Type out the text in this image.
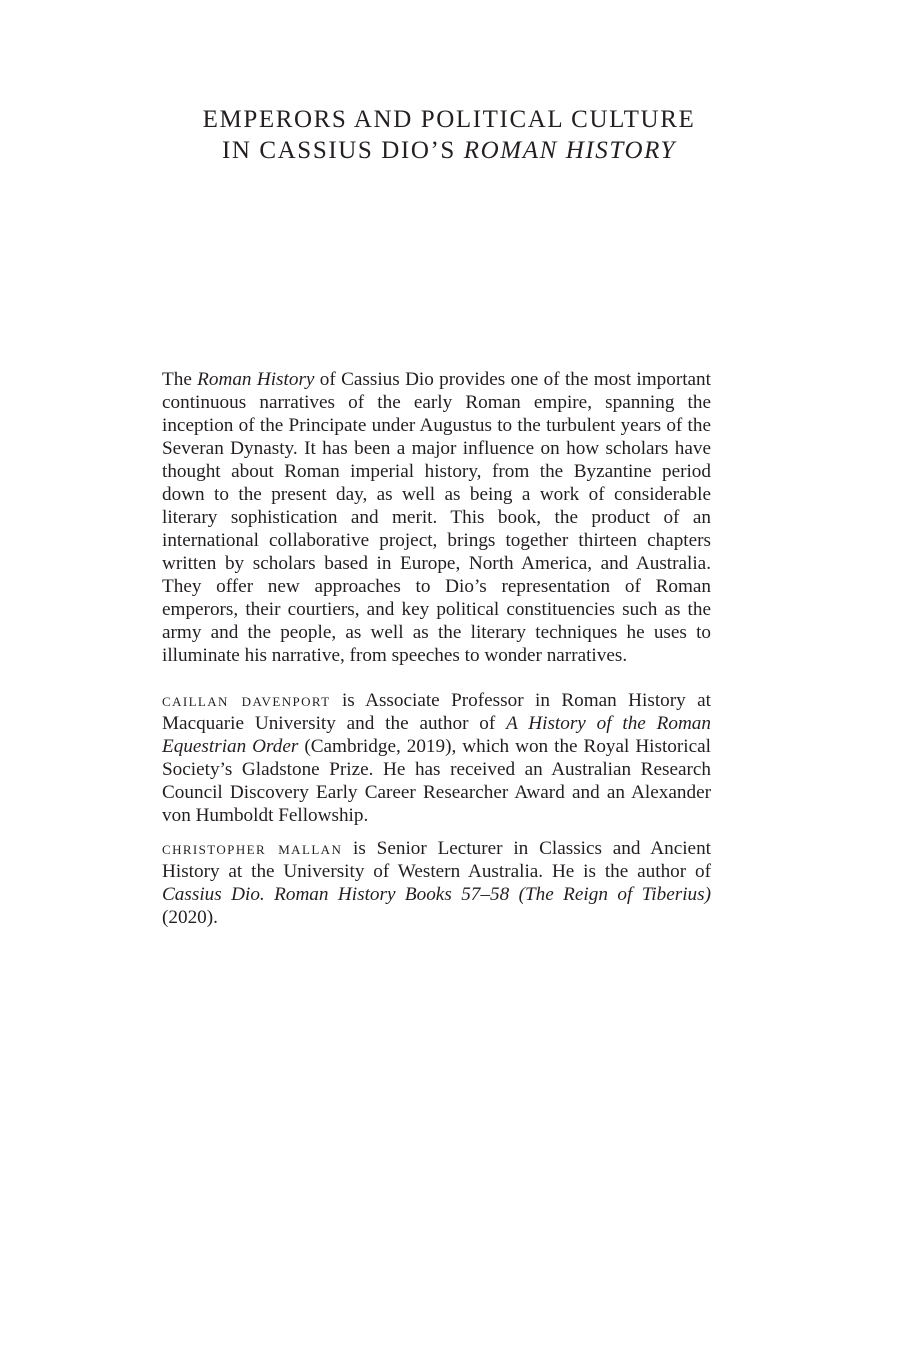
EMPERORS AND POLITICAL CULTURE
IN CASSIUS DIO’S ROMAN HISTORY

The Roman History of Cassius Dio provides one of the most important continuous narratives of the early Roman empire, spanning the inception of the Principate under Augustus to the turbulent years of the Severan Dynasty. It has been a major influence on how scholars have thought about Roman imperial history, from the Byzantine period down to the present day, as well as being a work of considerable literary sophistication and merit. This book, the product of an international collaborative project, brings together thirteen chapters written by scholars based in Europe, North America, and Australia. They offer new approaches to Dio’s representation of Roman emperors, their courtiers, and key political constituencies such as the army and the people, as well as the literary techniques he uses to illuminate his narrative, from speeches to wonder narratives.

caillan davenport is Associate Professor in Roman History at Macquarie University and the author of A History of the Roman Equestrian Order (Cambridge, 2019), which won the Royal Historical Society’s Gladstone Prize. He has received an Australian Research Council Discovery Early Career Researcher Award and an Alexander von Humboldt Fellowship.

christopher mallan is Senior Lecturer in Classics and Ancient History at the University of Western Australia. He is the author of Cassius Dio. Roman History Books 57–58 (The Reign of Tiberius) (2020).
